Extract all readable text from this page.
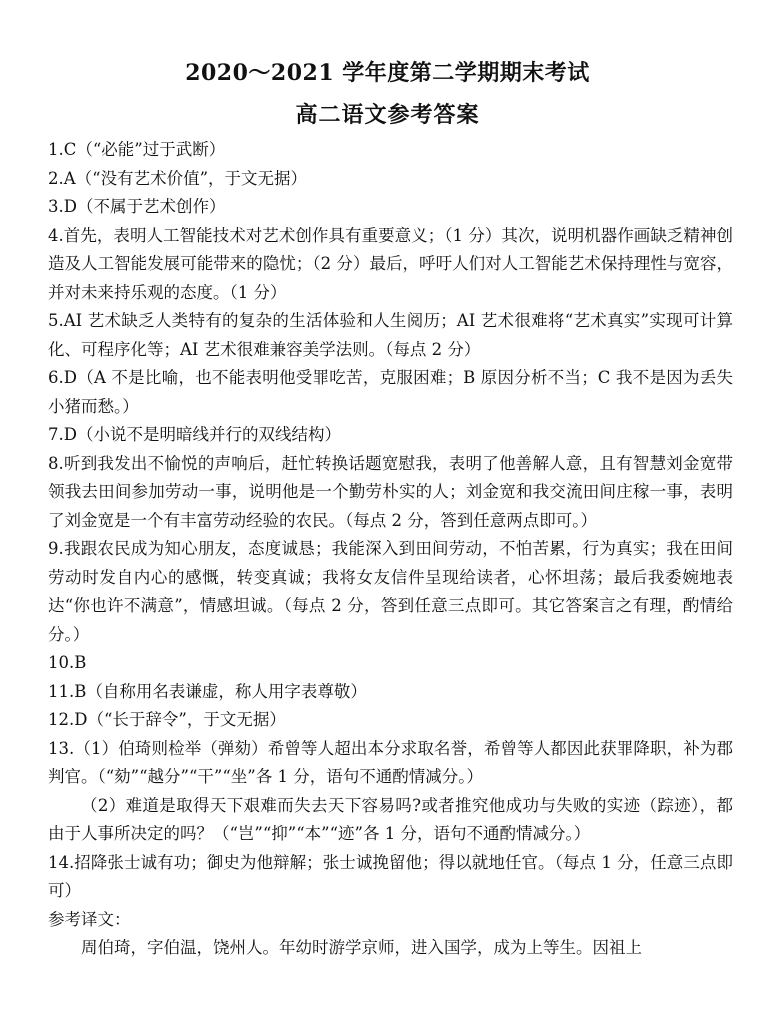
2020～2021 学年度第二学期期末考试
高二语文参考答案

1.C（“必能”过于武断）

2.A（“没有艺术价值”，于文无据）

3.D（不属于艺术创作）

4.首先，表明人工智能技术对艺术创作具有重要意义；（1 分）其次，说明机器作画缺乏精神创造及人工智能发展可能带来的隐忧；（2 分）最后，呼吁人们对人工智能艺术保持理性与宽容，并对未来持乐观的态度。（1 分）

5.AI 艺术缺乏人类特有的复杂的生活体验和人生阅历；AI 艺术很难将“艺术真实”实现可计算化、可程序化等；AI 艺术很难兼容美学法则。（每点 2 分）

6.D（A 不是比喻，也不能表明他受罪吃苦，克服困难；B 原因分析不当；C 我不是因为丢失小猪而愁。）

7.D（小说不是明暗线并行的双线结构）

8.听到我发出不愉悦的声响后，赶忙转换话题宽慰我，表明了他善解人意，且有智慧刘金宽带领我去田间参加劳动一事，说明他是一个勤劳朴实的人；刘金宽和我交流田间庄稼一事，表明了刘金宽是一个有丰富劳动经验的农民。（每点 2 分，答到任意两点即可。）

9.我跟农民成为知心朋友，态度诚恳；我能深入到田间劳动，不怕苦累，行为真实；我在田间劳动时发自内心的感慨，转变真诚；我将女友信件呈现给读者，心怀坦荡；最后我委婉地表达“你也许不满意”，情感坦诚。（每点 2 分，答到任意三点即可。其它答案言之有理，酌情给分。）

10.B

11.B（自称用名表谦虚，称人用字表尊敬）

12.D（“长于辞令”，于文无据）

13.（1）伯琦则检举（弹劾）希曾等人超出本分求取名誉，希曾等人都因此获罪降职，补为郡判官。（“劾”“越分”“干”“坐”各 1 分，语句不通酌情减分。）

（2）难道是取得天下艰难而失去天下容易吗?或者推究他成功与失败的实迹（踪迹），都由于人事所决定的吗？（“岂”“抑”“本”“迹”各 1 分，语句不通酌情减分。）

14.招降张士诚有功；御史为他辩解；张士诚挽留他；得以就地任官。（每点 1 分，任意三点即可）

参考译文：

周伯琦，字伯温，饶州人。年幼时游学京师，进入国学，成为上等生。因祖上
